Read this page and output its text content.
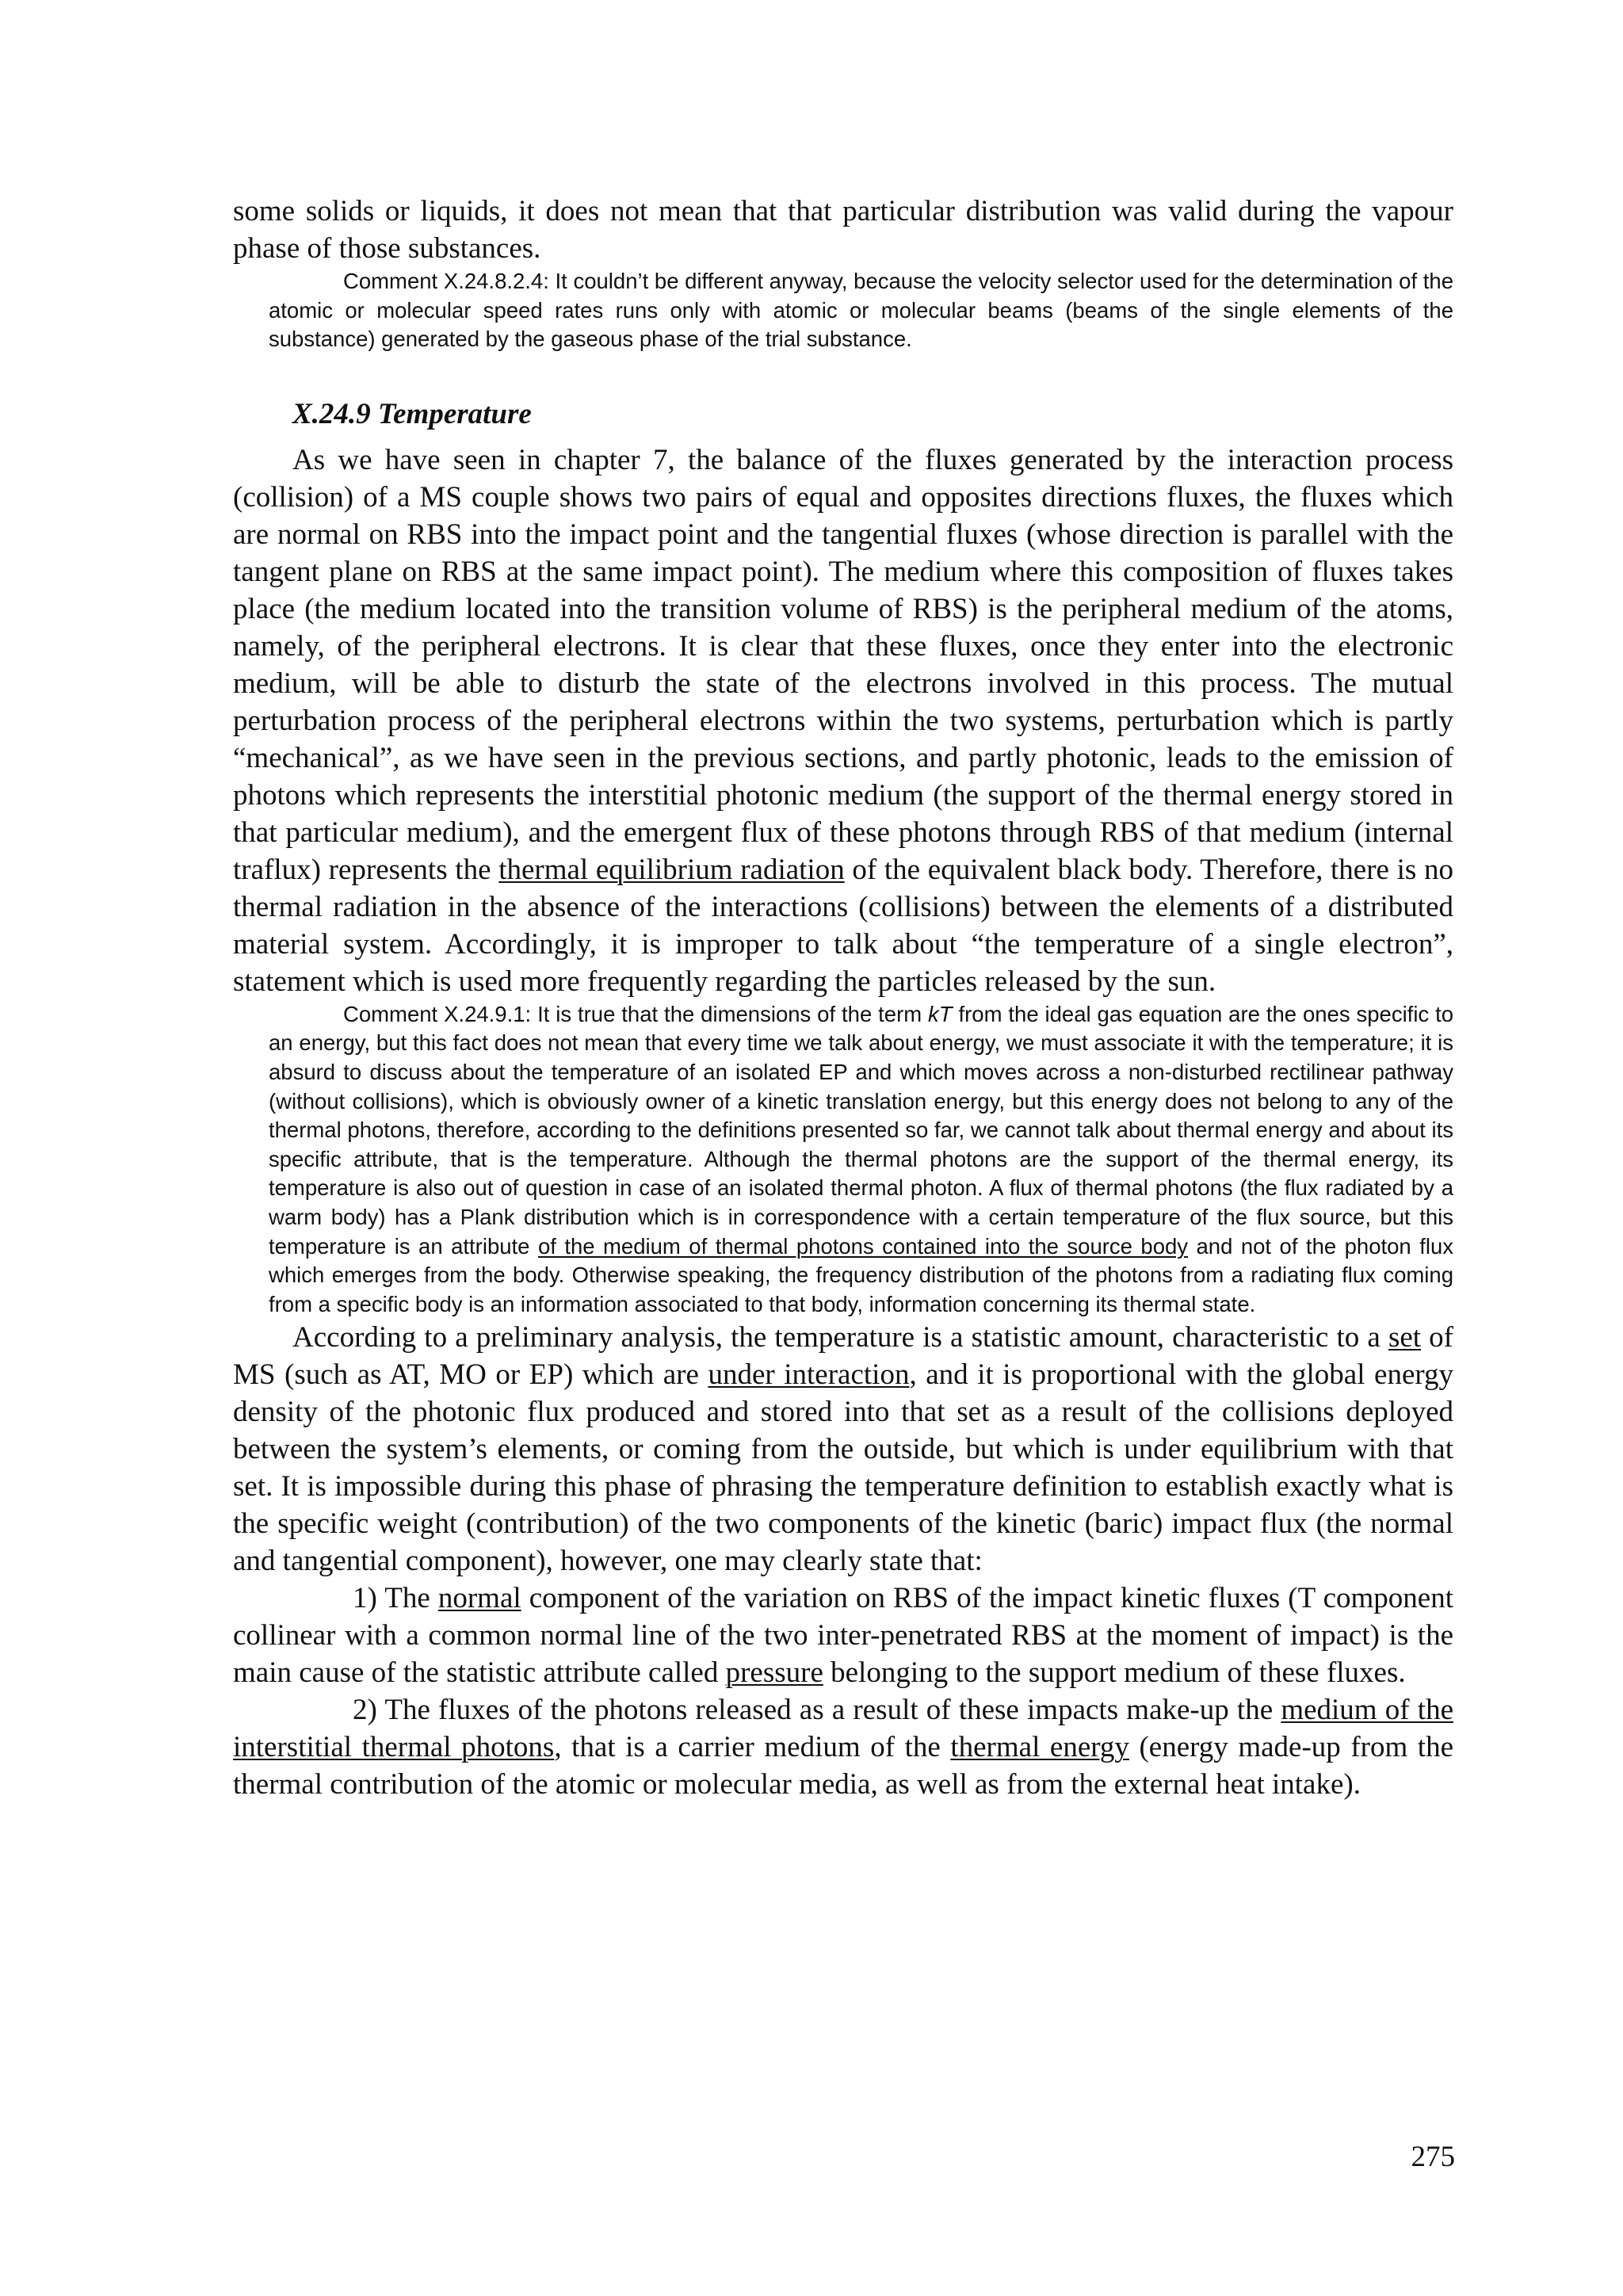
some solids or liquids, it does not mean that that particular distribution was valid during the vapour phase of those substances.

Comment X.24.8.2.4: It couldn’t be different anyway, because the velocity selector used for the determination of the atomic or molecular speed rates runs only with atomic or molecular beams (beams of the single elements of the substance) generated by the gaseous phase of the trial substance.

X.24.9 Temperature

As we have seen in chapter 7, the balance of the fluxes generated by the interaction process (collision) of a MS couple shows two pairs of equal and opposites directions fluxes, the fluxes which are normal on RBS into the impact point and the tangential fluxes (whose direction is parallel with the tangent plane on RBS at the same impact point). The medium where this composition of fluxes takes place (the medium located into the transition volume of RBS) is the peripheral medium of the atoms, namely, of the peripheral electrons. It is clear that these fluxes, once they enter into the electronic medium, will be able to disturb the state of the electrons involved in this process. The mutual perturbation process of the peripheral electrons within the two systems, perturbation which is partly “mechanical”, as we have seen in the previous sections, and partly photonic, leads to the emission of photons which represents the interstitial photonic medium (the support of the thermal energy stored in that particular medium), and the emergent flux of these photons through RBS of that medium (internal traflux) represents the thermal equilibrium radiation of the equivalent black body. Therefore, there is no thermal radiation in the absence of the interactions (collisions) between the elements of a distributed material system. Accordingly, it is improper to talk about “the temperature of a single electron”, statement which is used more frequently regarding the particles released by the sun.

Comment X.24.9.1: It is true that the dimensions of the term kT from the ideal gas equation are the ones specific to an energy, but this fact does not mean that every time we talk about energy, we must associate it with the temperature; it is absurd to discuss about the temperature of an isolated EP and which moves across a non-disturbed rectilinear pathway (without collisions), which is obviously owner of a kinetic translation energy, but this energy does not belong to any of the thermal photons, therefore, according to the definitions presented so far, we cannot talk about thermal energy and about its specific attribute, that is the temperature. Although the thermal photons are the support of the thermal energy, its temperature is also out of question in case of an isolated thermal photon. A flux of thermal photons (the flux radiated by a warm body) has a Plank distribution which is in correspondence with a certain temperature of the flux source, but this temperature is an attribute of the medium of thermal photons contained into the source body and not of the photon flux which emerges from the body. Otherwise speaking, the frequency distribution of the photons from a radiating flux coming from a specific body is an information associated to that body, information concerning its thermal state.

According to a preliminary analysis, the temperature is a statistic amount, characteristic to a set of MS (such as AT, MO or EP) which are under interaction, and it is proportional with the global energy density of the photonic flux produced and stored into that set as a result of the collisions deployed between the system’s elements, or coming from the outside, but which is under equilibrium with that set. It is impossible during this phase of phrasing the temperature definition to establish exactly what is the specific weight (contribution) of the two components of the kinetic (baric) impact flux (the normal and tangential component), however, one may clearly state that:

1) The normal component of the variation on RBS of the impact kinetic fluxes (T component collinear with a common normal line of the two inter-penetrated RBS at the moment of impact) is the main cause of the statistic attribute called pressure belonging to the support medium of these fluxes.

2) The fluxes of the photons released as a result of these impacts make-up the medium of the interstitial thermal photons, that is a carrier medium of the thermal energy (energy made-up from the thermal contribution of the atomic or molecular media, as well as from the external heat intake).

275
